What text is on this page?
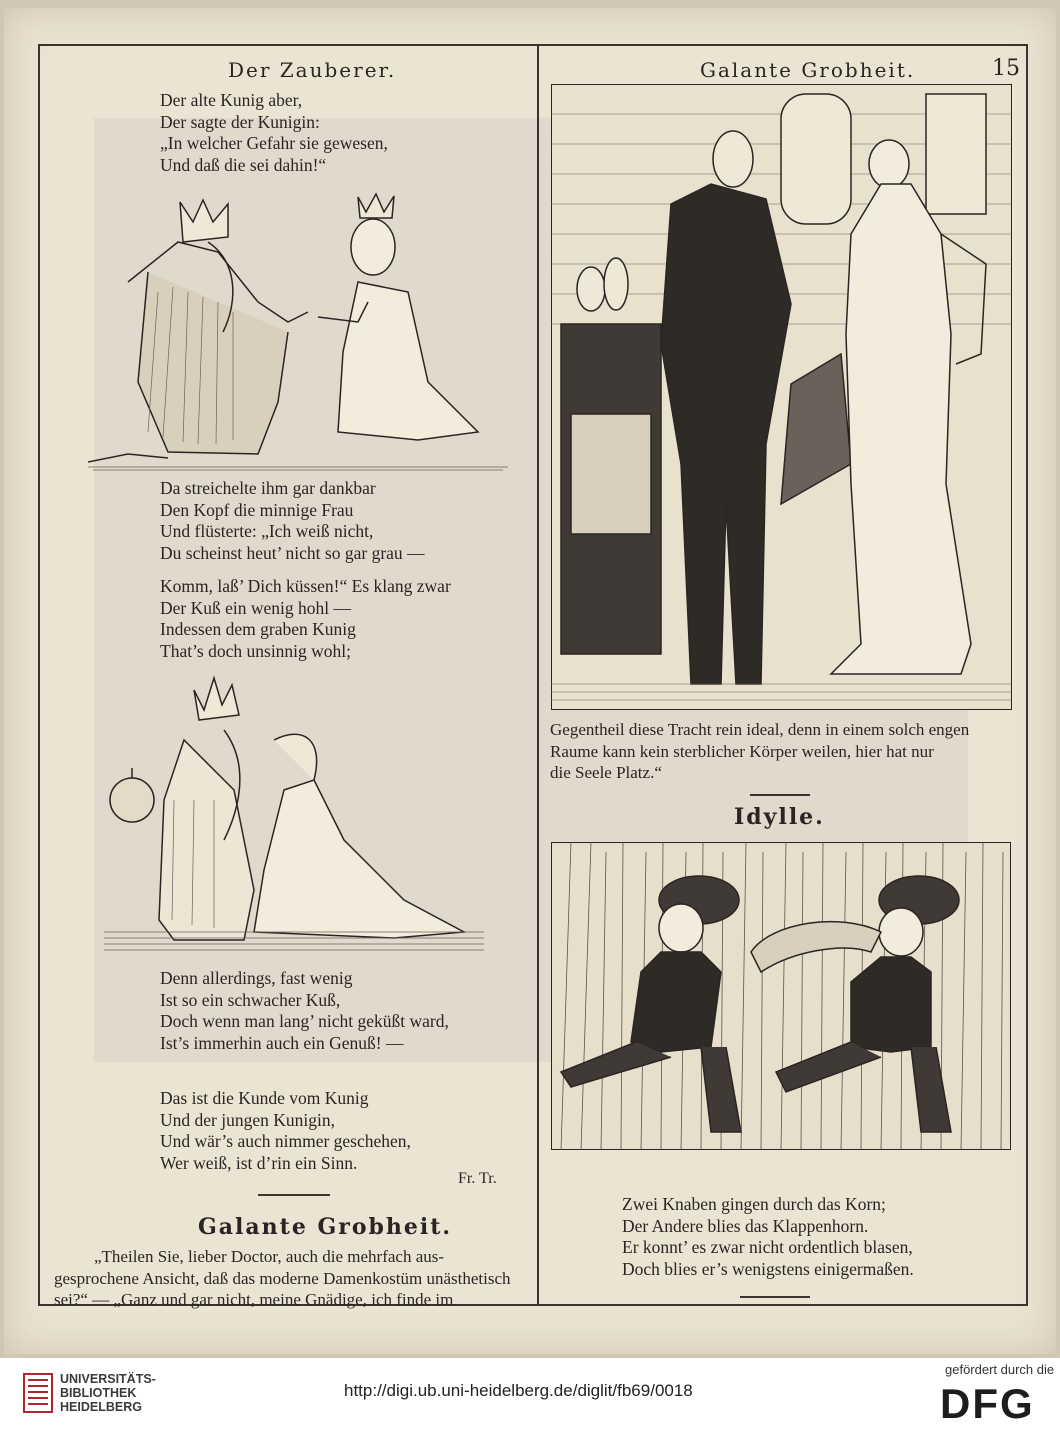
Der Zauberer.	Galante Grobheit.	15
Der alte Kunig aber,
Der sagte der Kunigin:
„In welcher Gefahr sie gewesen,
Und daß die sei dahin!“
Da streichelte ihm gar dankbar
Den Kopf die minnige Frau
Und flüsterte: „Ich weiß nicht,
Du scheinst heut’ nicht so gar grau —
Komm, laß’ Dich küssen!“ Es klang zwar
Der Kuß ein wenig hohl —
Indessen dem graben Kunig
That’s doch unsinnig wohl;
Denn allerdings, fast wenig
Ist so ein schwacher Kuß,
Doch wenn man lang’ nicht geküßt ward,
Ist’s immerhin auch ein Genuß! —
Das ist die Kunde vom Kunig
Und der jungen Kunigin,
Und wär’s auch nimmer geschehen,
Wer weiß, ist d’rin ein Sinn.
Fr. Tr.
Galante Grobheit.
„Theilen Sie, lieber Doctor, auch die mehrfach aus-
gesprochene Ansicht, daß das moderne Damenkostüm unästhetisch
sei?“ — „Ganz und gar nicht, meine Gnädige, ich finde im
Gegentheil diese Tracht rein ideal, denn in einem solch engen
Raume kann kein sterblicher Körper weilen, hier hat nur
die Seele Platz.“
Idylle.
Zwei Knaben gingen durch das Korn;
Der Andere blies das Klappenhorn.
Er konnt’ es zwar nicht ordentlich blasen,
Doch blies er’s wenigstens einigermaßen.
UNIVERSITÄTS-
BIBLIOTHEK
HEIDELBERG
http://digi.ub.uni-heidelberg.de/diglit/fb69/0018
gefördert durch die
DFG
